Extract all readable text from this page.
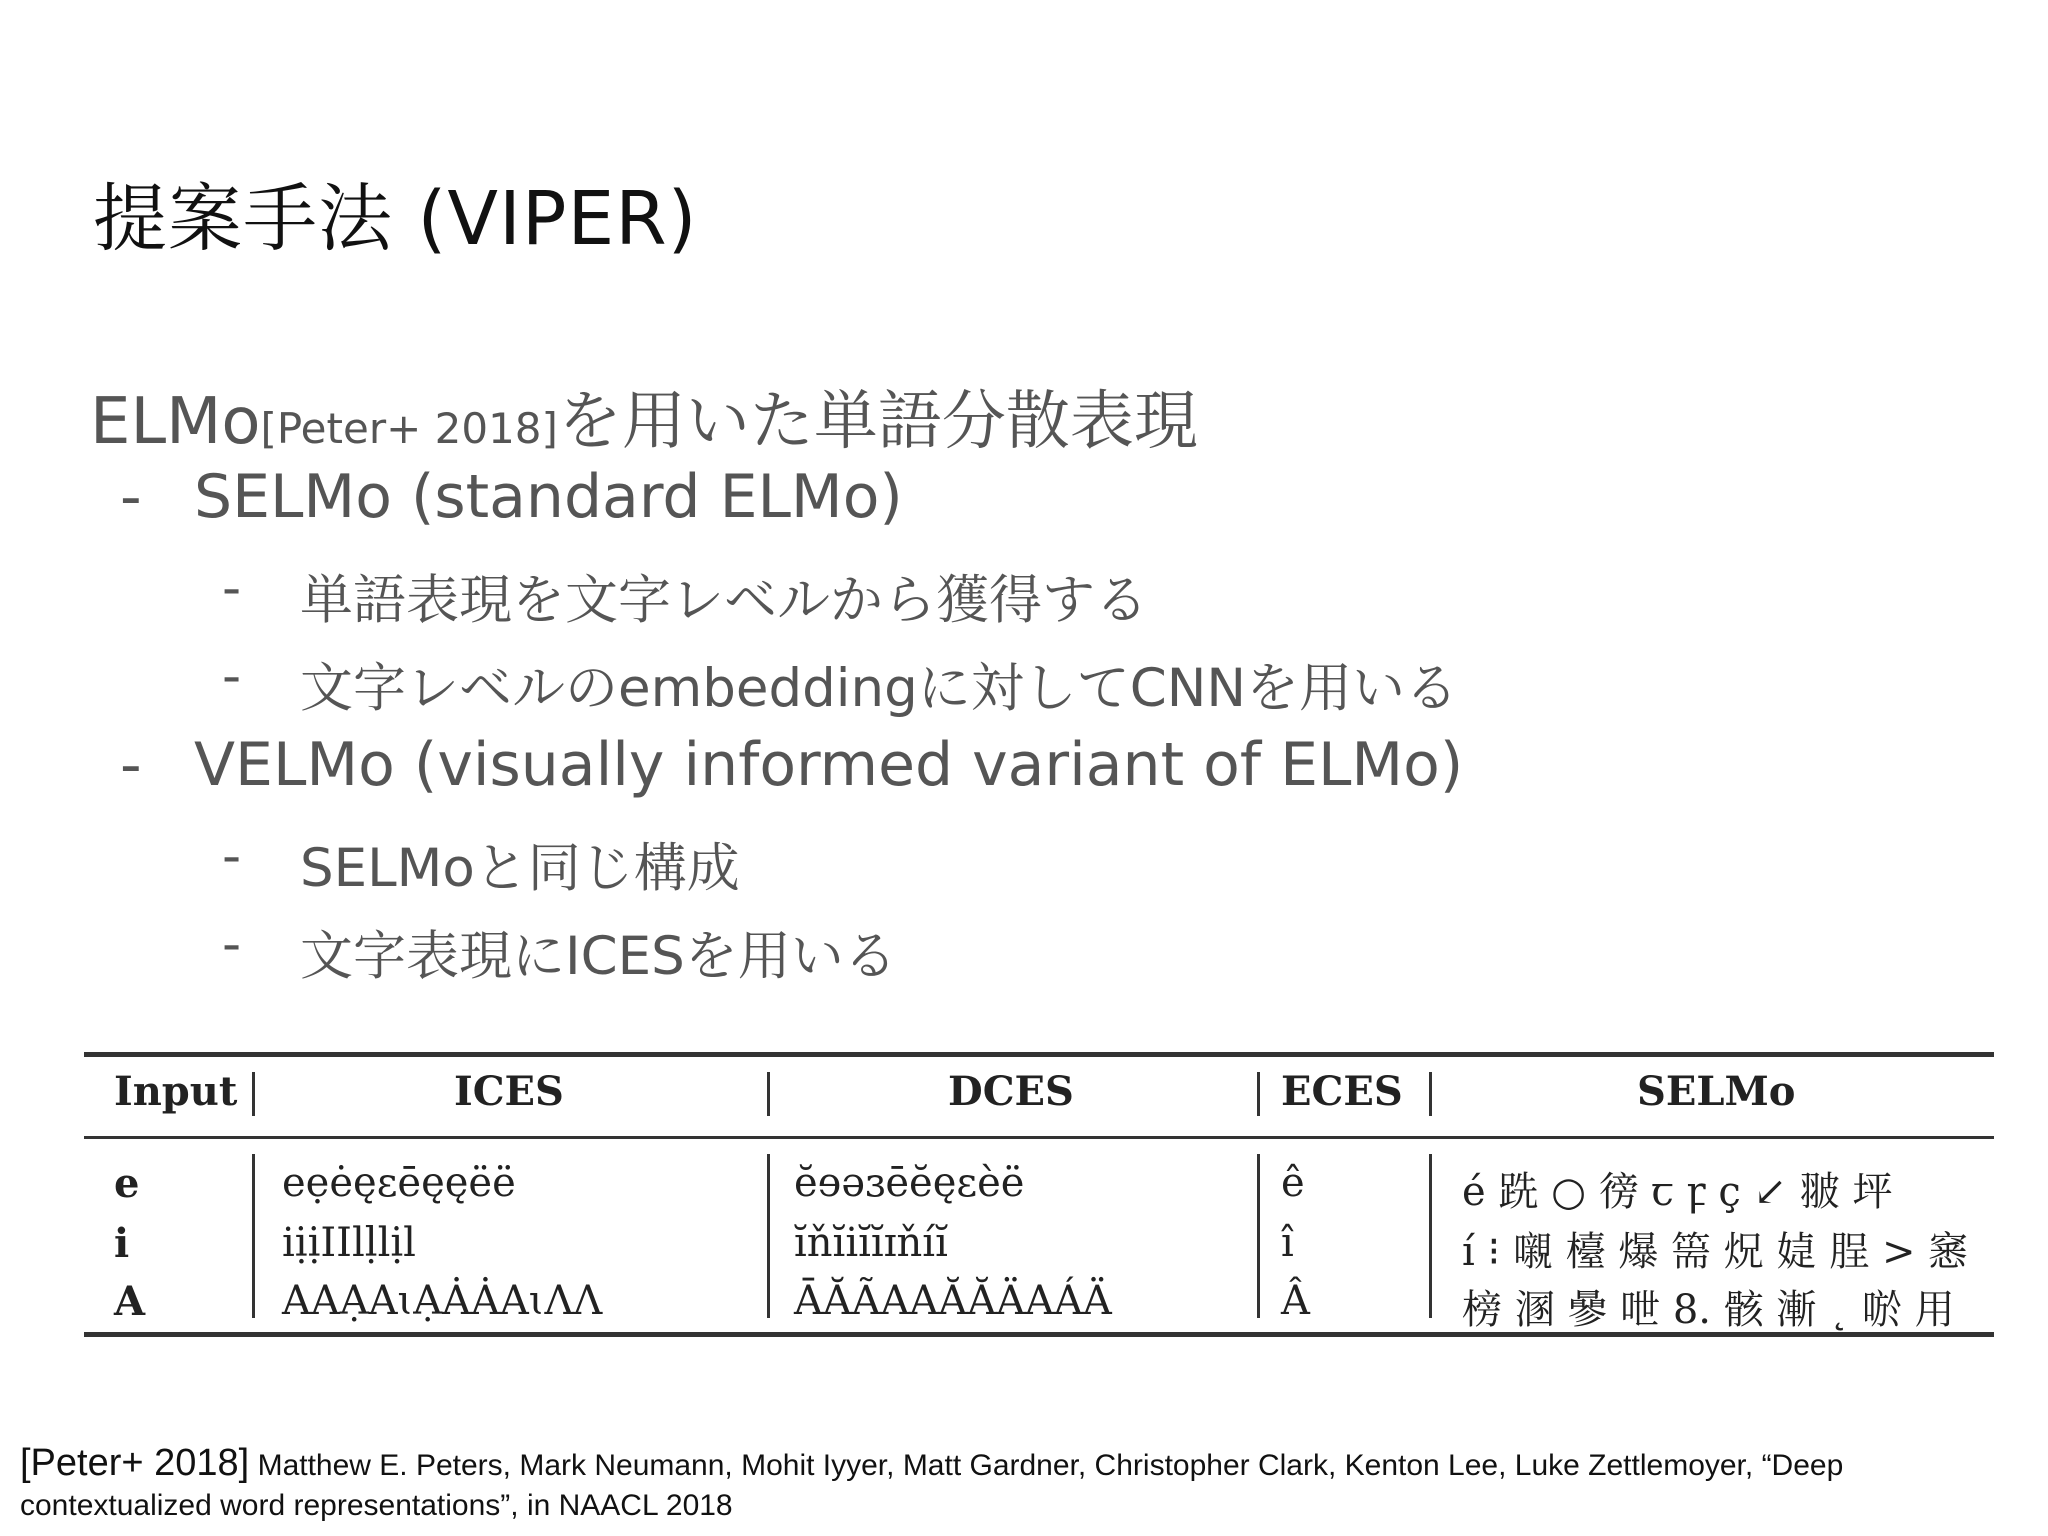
提案手法 (VIPER)
ELMo[Peter+ 2018]を用いた単語分散表現
- SELMo (standard ELMo)
- 単語表現を文字レベルから獲得する
- 文字レベルのembeddingに対してCNNを用いる
- VELMo (visually informed variant of ELMo)
- SELMoと同じ構成
- 文字表現にICESを用いる
Input	ICES	DCES	ECES	SELMo
e	eẹėęɛēęęëë	ĕɘəɜēĕęɛèë	ê	é 跣 ○ 徬 ꞇ ꝼ ç ↙ 翍 坪
i	iịịIIlḷlịl	ĭňĭiĭĭɪňíĭ	î	í ⁝ 嚫 檯 爆 篅 炾 媫 脭 > 窸
A	AAẠAɩẠȦȦAɩΛΛ	ĀĂÃAAĂĂÄAÁÄ	Â	榜 溷 曑 呭 8. 骸 漸 ˛ 唹 用
[Peter+ 2018] Matthew E. Peters, Mark Neumann, Mohit Iyyer, Matt Gardner, Christopher Clark, Kenton Lee, Luke Zettlemoyer, “Deep contextualized word representations”, in NAACL 2018
